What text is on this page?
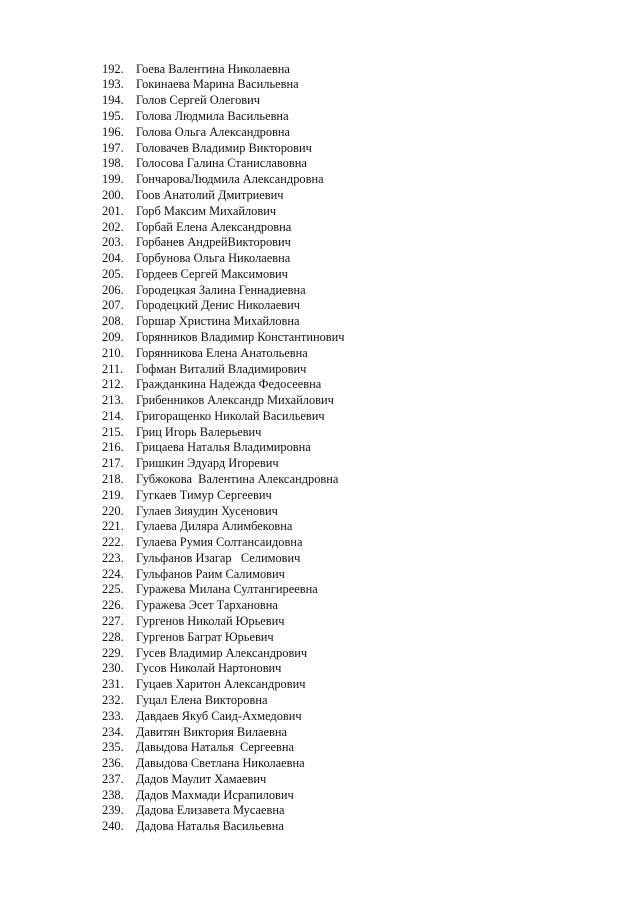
192. Гоева Валентина Николаевна
193. Гокинаева Марина Васильевна
194. Голов Сергей Олегович
195. Голова Людмила Васильевна
196. Голова Ольга Александровна
197. Головачев Владимир Викторович
198. Голосова Галина Станиславовна
199. ГончароваЛюдмила Александровна
200. Гоов Анатолий Дмитриевич
201. Горб Максим Михайлович
202. Горбай Елена Александровна
203. Горбанев АндрейВикторович
204. Горбунова Ольга Николаевна
205. Гордеев Сергей Максимович
206. Городецкая Залина Геннадиевна
207. Городецкий Денис Николаевич
208. Горшар Христина Михайловна
209. Горянников Владимир Константинович
210. Горянникова Елена Анатольевна
211.	Гофман Виталий Владимирович
212. Гражданкина Надежда Федосеевна
213. Грибенников Александр Михайлович
214. Григоращенко Николай Васильевич
215. Гриц Игорь Валерьевич
216. Грицаева Наталья Владимировна
217. Гришкин Эдуард Игоревич
218. Губжокова  Валентина Александровна
219. Гугкаев Тимур Сергеевич
220. Гулаев Зияудин Хусенович
221. Гулаева Диляра Алимбековна
222. Гулаева Румия Солтансаидовна
223. Гульфанов Изагар   Селимович
224. Гульфанов Раим Салимович
225. Гуражева Милана Султангиреевна
226. Гуражева Эсет Тархановна
227. Гургенов Николай Юрьевич
228. Гургенов Баграт Юрьевич
229. Гусев Владимир Александрович
230. Гусов Николай Нартонович
231. Гуцаев Харитон Александрович
232. Гуцал Елена Викторовна
233. Давдаев Якуб Саид-Ахмедович
234. Давитян Виктория Вилаевна
235. Давыдова Наталья  Сергеевна
236. Давыдова Светлана Николаевна
237. Дадов Маулит Хамаевич
238. Дадов Махмади Исрапилович
239. Дадова Елизавета Мусаевна
240. Дадова Наталья Васильевна
